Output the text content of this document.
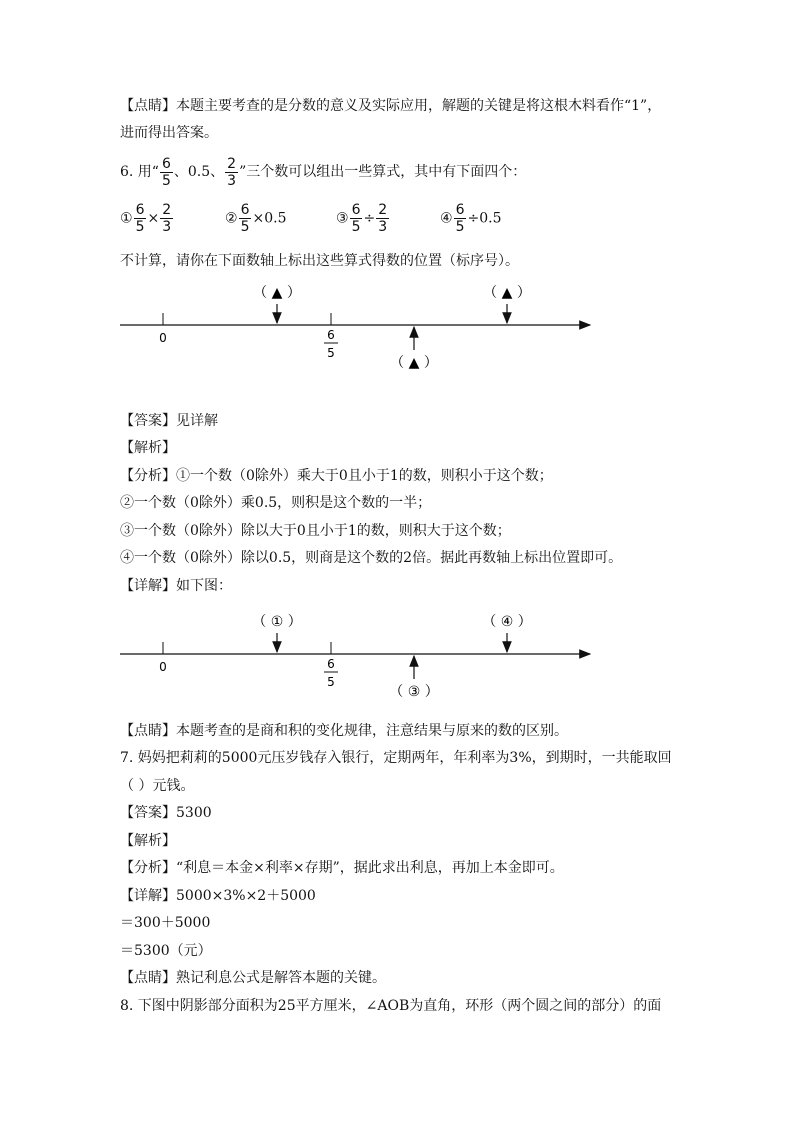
【点睛】本题主要考查的是分数的意义及实际应用，解题的关键是将这根木料看作“1”，
进而得出答案。
6. 用“ $\frac{6}{5}$ 、0.5、 $\frac{2}{3}$ ”三个数可以组出一些算式，其中有下面四个：
① $\frac{6}{5} \times \frac{2}{3}$	② $\frac{6}{5} \times 0.5$	③ $\frac{6}{5} \div \frac{2}{3}$	④ $\frac{6}{5} \div 0.5$
不计算，请你在下面数轴上标出这些算式得数的位置（标序号）。
0	6
5
（ ▲ ）	（ ▲ ）
（ ▲ ）
【答案】见详解
【解析】
【分析】①一个数（0除外）乘大于0且小于1的数，则积小于这个数；
②一个数（0除外）乘0.5，则积是这个数的一半；
③一个数（0除外）除以大于0且小于1的数，则积大于这个数；
④一个数（0除外）除以0.5，则商是这个数的2倍。据此再数轴上标出位置即可。
【详解】如下图：
0	6
5
（ ① ）	（ ④ ）
（ ③ ）
【点睛】本题考查的是商和积的变化规律，注意结果与原来的数的区别。
7. 妈妈把莉莉的5000元压岁钱存入银行，定期两年，年利率为3%，到期时，一共能取回
（ ）元钱。
【答案】5300
【解析】
【分析】“利息＝本金×利率×存期”，据此求出利息，再加上本金即可。
【详解】5000×3%×2＋5000
＝300＋5000
＝5300（元）
【点睛】熟记利息公式是解答本题的关键。
8. 下图中阴影部分面积为25平方厘米，∠AOB为直角，环形（两个圆之间的部分）的面
